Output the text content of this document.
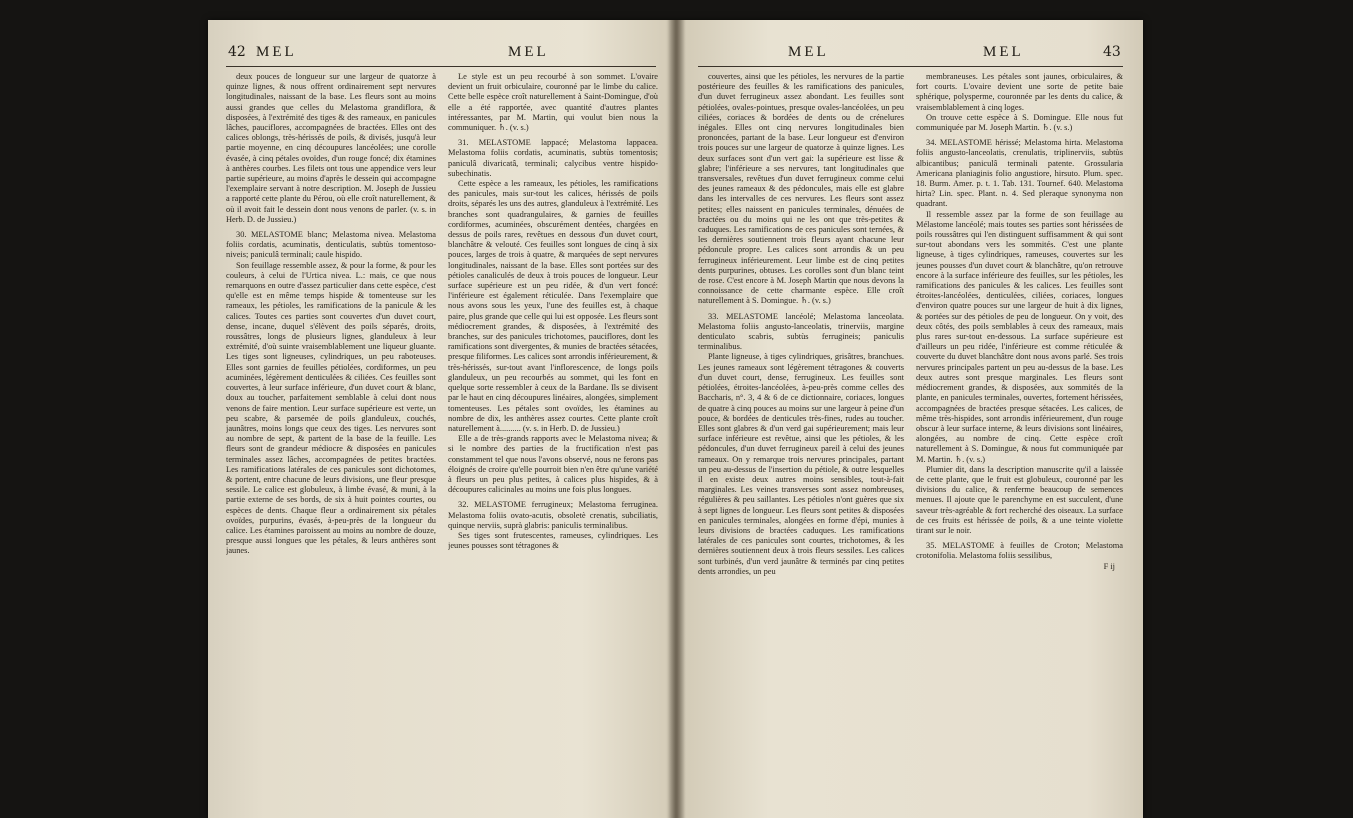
42 MEL	MEL

deux pouces de longueur sur une largeur de quatorze à quinze lignes, & nous offrent ordinairement sept nervures longitudinales, naissant de la base. Les fleurs sont au moins aussi grandes que celles du Melastoma grandiflora, & disposées, à l'extrémité des tiges & des rameaux, en panicules lâches, pauciflores, accompagnées de bractées. Elles ont des calices oblongs, très-hérissés de poils, & divisés, jusqu'à leur partie moyenne, en cinq découpures lancéolées; une corolle évasée, à cinq pétales ovoïdes, d'un rouge foncé; dix étamines à anthères courbes. Les filets ont tous une appendice vers leur partie supérieure, au moins d'après le dessein qui accompagne l'exemplaire servant à notre description. M. Joseph de Jussieu a rapporté cette plante du Pérou, où elle croît naturellement, & où il avoit fait le dessein dont nous venons de parler. (v. s. in Herb. D. de Jussieu.)

30. MELASTOME blanc; Melastoma nivea. Melastoma foliis cordatis, acuminatis, denticulatis, subtùs tomentoso-niveis; paniculâ terminali; caule hispido.

Son feuillage ressemble assez, & pour la forme, & pour les couleurs, à celui de l'Urtica nivea. L.: mais, ce que nous remarquons en outre d'assez particulier dans cette espèce, c'est qu'elle est en même temps hispide & tomenteuse sur les rameaux, les pétioles, les ramifications de la panicule & les calices. Toutes ces parties sont couvertes d'un duvet court, dense, incane, duquel s'élèvent des poils séparés, droits, roussâtres, longs de plusieurs lignes, glanduleux à leur extrémité, d'où suinte vraisemblablement une liqueur gluante. Les tiges sont ligneuses, cylindriques, un peu raboteuses. Elles sont garnies de feuilles pétiolées, cordiformes, un peu acuminées, légèrement denticulées & ciliées. Ces feuilles sont couvertes, à leur surface inférieure, d'un duvet court & blanc, doux au toucher, parfaitement semblable à celui dont nous venons de faire mention. Leur surface supérieure est verte, un peu scabre, & parsemée de poils glanduleux, couchés, jaunâtres, moins longs que ceux des tiges. Les nervures sont au nombre de sept, & partent de la base de la feuille. Les fleurs sont de grandeur médiocre & disposées en panicules terminales assez lâches, accompagnées de petites bractées. Les ramifications latérales de ces panicules sont dichotomes, & portent, entre chacune de leurs divisions, une fleur presque sessile. Le calice est globuleux, à limbe évasé, & muni, à la partie externe de ses bords, de six à huit pointes courtes, ou espèces de dents. Chaque fleur a ordinairement six pétales ovoïdes, purpurins, évasés, à-peu-près de la longueur du calice. Les étamines paroissent au moins au nombre de douze, presque aussi longues que les pétales, & leurs anthères sont jaunes.

Le style est un peu recourbé à son sommet. L'ovaire devient un fruit orbiculaire, couronné par le limbe du calice. Cette belle espèce croît naturellement à Saint-Domingue, d'où elle a été rapportée, avec quantité d'autres plantes intéressantes, par M. Martin, qui voulut bien nous la communiquer. ♄. (v. s.)

31. MELASTOME lappacé; Melastoma lappacea. Melastoma foliis cordatis, acuminatis, subtùs tomentosis; paniculâ divaricatâ, terminali; calycibus ventre hispido-subechinatis.

Cette espèce a les rameaux, les pétioles, les ramifications des panicules, mais sur-tout les calices, hérissés de poils droits, séparés les uns des autres, glanduleux à l'extrémité. Les branches sont quadrangulaires, & garnies de feuilles cordiformes, acuminées, obscurément dentées, chargées en dessus de poils rares, revêtues en dessous d'un duvet court, blanchâtre & velouté. Ces feuilles sont longues de cinq à six pouces, larges de trois à quatre, & marquées de sept nervures longitudinales, naissant de la base. Elles sont portées sur des pétioles canaliculés de deux à trois pouces de longueur. Leur surface supérieure est un peu ridée, & d'un vert foncé: l'inférieure est également réticulée. Dans l'exemplaire que nous avons sous les yeux, l'une des feuilles est, à chaque paire, plus grande que celle qui lui est opposée. Les fleurs sont médiocrement grandes, & disposées, à l'extrémité des branches, sur des panicules trichotomes, pauciflores, dont les ramifications sont divergentes, & munies de bractées sétacées, presque filiformes. Les calices sont arrondis inférieurement, & très-hérissés, sur-tout avant l'inflorescence, de longs poils glanduleux, un peu recourbés au sommet, qui les font en quelque sorte ressembler à ceux de la Bardane. Ils se divisent par le haut en cinq découpures linéaires, alongées, simplement tomenteuses. Les pétales sont ovoïdes, les étamines au nombre de dix, les anthères assez courtes. Cette plante croît naturellement à.......... (v. s. in Herb. D. de Jussieu.)

Elle a de très-grands rapports avec le Melastoma nivea; & si le nombre des parties de la fructification n'est pas constamment tel que nous l'avons observé, nous ne ferons pas éloignés de croire qu'elle pourroit bien n'en être qu'une variété à fleurs un peu plus petites, à calices plus hispides, & à découpures calicinales au moins une fois plus longues.

32. MELASTOME ferrugineux; Melastoma ferruginea. Melastoma foliis ovato-acutis, obsoletè crenatis, subciliatis, quinque nerviis, suprà glabris: paniculis terminalibus.

Ses tiges sont frutescentes, rameuses, cylindriques. Les jeunes pousses sont tétragones &

MEL	MEL	43

couvertes, ainsi que les pétioles, les nervures de la partie postérieure des feuilles & les ramifications des panicules, d'un duvet ferrugineux assez abondant. Les feuilles sont pétiolées, ovales-pointues, presque ovales-lancéolées, un peu ciliées, coriaces & bordées de dents ou de crénelures inégales. Elles ont cinq nervures longitudinales bien prononcées, partant de la base. Leur longueur est d'environ trois pouces sur une largeur de quatorze à quinze lignes. Les deux surfaces sont d'un vert gai: la supérieure est lisse & glabre; l'inférieure a ses nervures, tant longitudinales que transversales, revêtues d'un duvet ferrugineux comme celui des jeunes rameaux & des pédoncules, mais elle est glabre dans les intervalles de ces nervures. Les fleurs sont assez petites; elles naissent en panicules terminales, dénuées de bractées ou du moins qui ne les ont que très-petites & caduques. Les ramifications de ces panicules sont ternées, & les dernières soutiennent trois fleurs ayant chacune leur pédoncule propre. Les calices sont arrondis & un peu ferrugineux inférieurement. Leur limbe est de cinq petites dents purpurines, obtuses. Les corolles sont d'un blanc teint de rose. C'est encore à M. Joseph Martin que nous devons la connoissance de cette charmante espèce. Elle croît naturellement à S. Domingue. ♄. (v. s.)

33. MELASTOME lancéolé; Melastoma lanceolata. Melastoma foliis angusto-lanceolatis, trinerviis, margine denticulato scabris, subtùs ferrugineis; paniculis terminalibus.

Plante ligneuse, à tiges cylindriques, grisâtres, branchues. Les jeunes rameaux sont légèrement tétragones & couverts d'un duvet court, dense, ferrugineux. Les feuilles sont pétiolées, étroites-lancéolées, à-peu-près comme celles des Baccharis, n°. 3, 4 & 6 de ce dictionnaire, coriaces, longues de quatre à cinq pouces au moins sur une largeur à peine d'un pouce, & bordées de denticules très-fines, rudes au toucher. Elles sont glabres & d'un verd gai supérieurement; mais leur surface inférieure est revêtue, ainsi que les pétioles, & les pédoncules, d'un duvet ferrugineux pareil à celui des jeunes rameaux. On y remarque trois nervures principales, partant un peu au-dessus de l'insertion du pétiole, & outre lesquelles il en existe deux autres moins sensibles, tout-à-fait marginales. Les veines transverses sont assez nombreuses, régulières & peu saillantes. Les pétioles n'ont guères que six à sept lignes de longueur. Les fleurs sont petites & disposées en panicules terminales, alongées en forme d'épi, munies à leurs divisions de bractées caduques. Les ramifications latérales de ces panicules sont courtes, trichotomes, & les dernières soutiennent deux à trois fleurs sessiles. Les calices sont turbinés, d'un verd jaunâtre & terminés par cinq petites dents arrondies, un peu

membraneuses. Les pétales sont jaunes, orbiculaires, & fort courts. L'ovaire devient une sorte de petite baie sphérique, polysperme, couronnée par les dents du calice, & vraisemblablement à cinq loges.

On trouve cette espèce à S. Domingue. Elle nous fut communiquée par M. Joseph Martin. ♄. (v. s.)

34. MELASTOME hérissé; Melastoma hirta. Melastoma foliis angusto-lanceolatis, crenulatis, triplinerviis, subtùs albicantibus; paniculâ terminali patente. Grossularia Americana planiaginis folio angustiore, hirsuto. Plum. spec. 18. Burm. Amer. p. t. 1. Tab. 131. Tournef. 640. Melastoma hirta? Lin. spec. Plant. n. 4. Sed pleraque synonyma non quadrant.

Il ressemble assez par la forme de son feuillage au Mélastome lancéolé; mais toutes ses parties sont hérissées de poils roussâtres qui l'en distinguent suffisamment & qui sont sur-tout abondans vers les sommités. C'est une plante ligneuse, à tiges cylindriques, rameuses, couvertes sur les jeunes pousses d'un duvet court & blanchâtre, qu'on retrouve encore à la surface inférieure des feuilles, sur les pétioles, les ramifications des panicules & les calices. Les feuilles sont étroites-lancéolées, denticulées, ciliées, coriaces, longues d'environ quatre pouces sur une largeur de huit à dix lignes, & portées sur des pétioles de peu de longueur. On y voit, des deux côtés, des poils semblables à ceux des rameaux, mais plus rares sur-tout en-dessous. La surface supérieure est d'ailleurs un peu ridée, l'inférieure est comme réticulée & couverte du duvet blanchâtre dont nous avons parlé. Ses trois nervures principales partent un peu au-dessus de la base. Les deux autres sont presque marginales. Les fleurs sont médiocrement grandes, & disposées, aux sommités de la plante, en panicules terminales, ouvertes, fortement hérissées, accompagnées de bractées presque sétacées. Les calices, de même très-hispides, sont arrondis inférieurement, d'un rouge obscur à leur surface interne, & leurs divisions sont linéaires, alongées, au nombre de cinq. Cette espèce croît naturellement à S. Domingue, & nous fut communiquée par M. Martin. ♄. (v. s.)

Plumier dit, dans la description manuscrite qu'il a laissée de cette plante, que le fruit est globuleux, couronné par les divisions du calice, & renferme beaucoup de semences menues. Il ajoute que le parenchyme en est succulent, d'une saveur très-agréable & fort recherché des oiseaux. La surface de ces fruits est hérissée de poils, & a une teinte violette tirant sur le noir.

35. MELASTOME à feuilles de Croton; Melastoma crotonifolia. Melastoma foliis sessilibus,

F ij
